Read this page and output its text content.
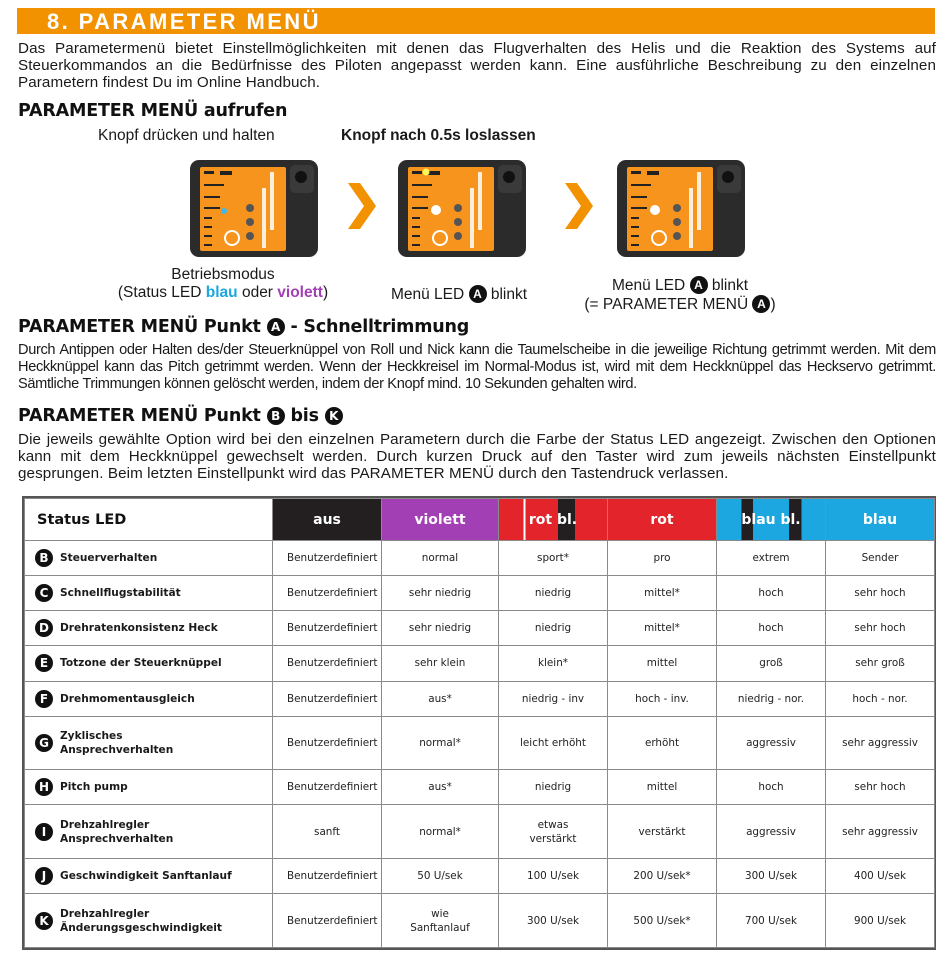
8. PARAMETER MENÜ
Das Parametermenü bietet Einstellmöglichkeiten mit denen das Flugverhalten des Helis und die Reaktion des Systems auf Steuerkommandos an die Bedürfnisse des Piloten angepasst werden kann. Eine ausführliche Beschreibung zu den einzelnen Parametern findest Du im Online Handbuch.
PARAMETER MENÜ aufrufen
Knopf drücken und halten	Knopf nach 0.5s loslassen
Betriebsmodus
(Status LED blau oder violett)	Menü LED A blinkt
Menü LED A blinkt
(= PARAMETER MENÜ A )
PARAMETER MENÜ Punkt A - Schnelltrimmung
Durch Antippen oder Halten des/der Steuerknüppel von Roll und Nick kann die Taumelscheibe in die jeweilige Richtung getrimmt werden. Mit dem Heckknüppel kann das Pitch getrimmt werden. Wenn der Heckkreisel im Normal-Modus ist, wird mit dem Heckknüppel das Heckservo getrimmt. Sämtliche Trimmungen können gelöscht werden, indem der Knopf mind. 10 Sekunden gehalten wird.
PARAMETER MENÜ Punkt B bis K
Die jeweils gewählte Option wird bei den einzelnen Parametern durch die Farbe der Status LED angezeigt. Zwischen den Optionen kann mit dem Heckknüppel gewechselt werden. Durch kurzen Druck auf den Taster wird zum jeweils nächsten Einstellpunkt gesprungen. Beim letzten Einstellpunkt wird das PARAMETER MENÜ durch den Tastendruck verlassen.
Status LED	aus	violett	rot bl.	rot	blau bl.	blau

B Steuerverhalten	Benutzerdefiniert	normal	sport*	pro	extrem	Sender

C Schnellflugstabilität	Benutzerdefiniert	sehr niedrig	niedrig	mittel*	hoch	sehr hoch

D Drehratenkonsistenz Heck	Benutzerdefiniert	sehr niedrig	niedrig	mittel*	hoch	sehr hoch

E Totzone der Steuerknüppel	Benutzerdefiniert	sehr klein	klein*	mittel	groß	sehr groß

F Drehmomentausgleich	Benutzerdefiniert	aus*	niedrig - inv	hoch - inv.	niedrig - nor.	hoch - nor.

G Zyklisches Ansprechverhalten	Benutzerdefiniert	normal*	leicht erhöht	erhöht	aggressiv	sehr aggressiv

H Pitch pump	Benutzerdefiniert	aus*	niedrig	mittel	hoch	sehr hoch

I Drehzahlregler Ansprechverhalten	sanft	normal*	etwas verstärkt	verstärkt	aggressiv	sehr aggressiv

J Geschwindigkeit Sanftanlauf	Benutzerdefiniert	50 U/sek	100 U/sek	200 U/sek*	300 U/sek	400 U/sek

K Drehzahlregler Änderungsgeschwindigkeit	Benutzerdefiniert	wie Sanftanlauf	300 U/sek	500 U/sek*	700 U/sek	900 U/sek
